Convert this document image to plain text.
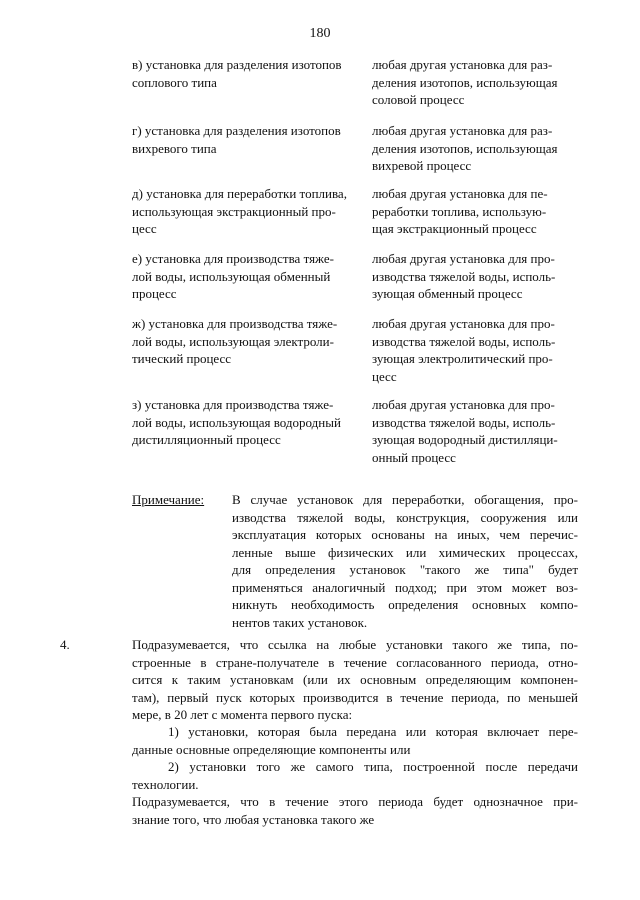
180
в) установка для разделения изотопов
соплового типа
любая другая установка для раз-
деления изотопов, использующая
соловой процесс
г) установка для разделения изотопов
вихревого типа
любая другая установка для раз-
деления изотопов, использующая
вихревой процесс
д) установка для переработки топлива,
использующая экстракционный про-
цесс
любая другая установка для пе-
реработки топлива, использую-
щая экстракционный процесс
е) установка для производства тяже-
лой воды, использующая обменный
процесс
любая другая установка для про-
изводства тяжелой воды, исполь-
зующая обменный процесс
ж) установка для производства тяже-
лой воды, использующая электроли-
тический процесс
любая другая установка для про-
изводства тяжелой воды, исполь-
зующая электролитический про-
цесс
з) установка для производства тяже-
лой воды, использующая водородный
дистилляционный процесс
любая другая установка для про-
изводства тяжелой воды, исполь-
зующая водородный дистилляци-
онный процесс
Примечание: В случае установок для переработки, обогащения, про-
изводства тяжелой воды, конструкция, сооружения или
эксплуатация которых основаны на иных, чем перечис-
ленные выше физических или химических процессах,
для определения установок "такого же типа" будет
применяться аналогичный подход; при этом может воз-
никнуть необходимость определения основных компо-
нентов таких установок.
4.	Подразумевается, что ссылка на любые установки такого же типа, по-
строенные в стране-получателе в течение согласованного периода, отно-
сится к таким установкам (или их основным определяющим компонен-
там), первый пуск которых производится в течение периода, по меньшей
мере, в 20 лет с момента первого пуска:
1) установки, которая была передана или которая включает пере-
данные основные определяющие компоненты или
2) установки того же самого типа, построенной после передачи
технологии.
Подразумевается, что в течение этого периода будет однозначное при-
знание того, что любая установка такого же
